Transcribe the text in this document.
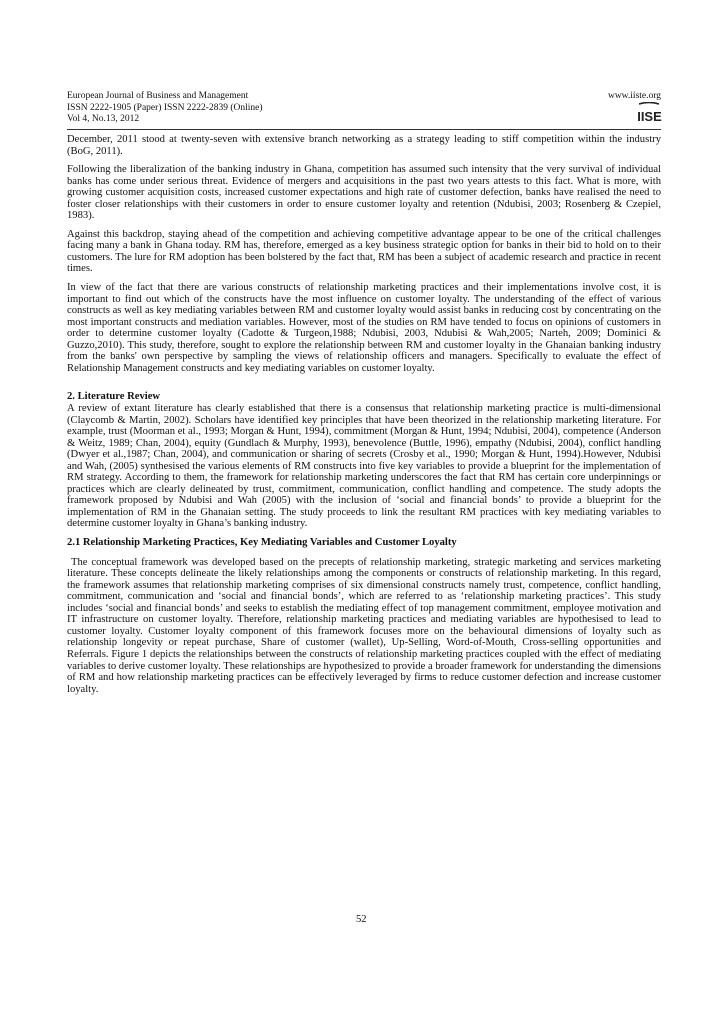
European Journal of Business and Management
ISSN 2222-1905 (Paper) ISSN 2222-2839 (Online)
Vol 4, No.13, 2012
www.iiste.org
IISE

December, 2011 stood at twenty-seven with extensive branch networking as a strategy leading to stiff competition within the industry (BoG, 2011).

Following the liberalization of the banking industry in Ghana, competition has assumed such intensity that the very survival of individual banks has come under serious threat. Evidence of mergers and acquisitions in the past two years attests to this fact. What is more, with growing customer acquisition costs, increased customer expectations and high rate of customer defection, banks have realised the need to foster closer relationships with their customers in order to ensure customer loyalty and retention (Ndubisi, 2003; Rosenberg & Czepiel, 1983).

Against this backdrop, staying ahead of the competition and achieving competitive advantage appear to be one of the critical challenges facing many a bank in Ghana today. RM has, therefore, emerged as a key business strategic option for banks in their bid to hold on to their customers. The lure for RM adoption has been bolstered by the fact that, RM has been a subject of academic research and practice in recent times.

In view of the fact that there are various constructs of relationship marketing practices and their implementations involve cost, it is important to find out which of the constructs have the most influence on customer loyalty. The understanding of the effect of various constructs as well as key mediating variables between RM and customer loyalty would assist banks in reducing cost by concentrating on the most important constructs and mediation variables. However, most of the studies on RM have tended to focus on opinions of customers in order to determine customer loyalty (Cadotte & Turgeon,1988; Ndubisi, 2003, Ndubisi & Wah,2005; Narteh, 2009; Dominici & Guzzo,2010). This study, therefore, sought to explore the relationship between RM and customer loyalty in the Ghanaian banking industry from the banks' own perspective by sampling the views of relationship officers and managers. Specifically to evaluate the effect of Relationship Management constructs and key mediating variables on customer loyalty.

2. Literature Review

A review of extant literature has clearly established that there is a consensus that relationship marketing practice is multi-dimensional (Claycomb & Martin, 2002). Scholars have identified key principles that have been theorized in the relationship marketing literature. For example, trust (Moorman et al., 1993; Morgan & Hunt, 1994), commitment (Morgan & Hunt, 1994; Ndubisi, 2004), competence (Anderson & Weitz, 1989; Chan, 2004), equity (Gundlach & Murphy, 1993), benevolence (Buttle, 1996), empathy (Ndubisi, 2004), conflict handling (Dwyer et al.,1987; Chan, 2004), and communication or sharing of secrets (Crosby et al., 1990; Morgan & Hunt, 1994).However, Ndubisi and Wah, (2005) synthesised the various elements of RM constructs into five key variables to provide a blueprint for the implementation of RM strategy. According to them, the framework for relationship marketing underscores the fact that RM has certain core underpinnings or practices which are clearly delineated by trust, commitment, communication, conflict handling and competence. The study adopts the framework proposed by Ndubisi and Wah (2005) with the inclusion of ‘social and financial bonds’ to provide a blueprint for the implementation of RM in the Ghanaian setting. The study proceeds to link the resultant RM practices with key mediating variables to determine customer loyalty in Ghana’s banking industry.

2.1 Relationship Marketing Practices, Key Mediating Variables and Customer Loyalty

The conceptual framework was developed based on the precepts of relationship marketing, strategic marketing and services marketing literature. These concepts delineate the likely relationships among the components or constructs of relationship marketing. In this regard, the framework assumes that relationship marketing comprises of six dimensional constructs namely trust, competence, conflict handling, commitment, communication and ‘social and financial bonds’, which are referred to as ‘relationship marketing practices’. This study includes ‘social and financial bonds’ and seeks to establish the mediating effect of top management commitment, employee motivation and IT infrastructure on customer loyalty. Therefore, relationship marketing practices and mediating variables are hypothesised to lead to customer loyalty. Customer loyalty component of this framework focuses more on the behavioural dimensions of loyalty such as relationship longevity or repeat purchase, Share of customer (wallet), Up-Selling, Word-of-Mouth, Cross-selling opportunities and Referrals. Figure 1 depicts the relationships between the constructs of relationship marketing practices coupled with the effect of mediating variables to derive customer loyalty. These relationships are hypothesized to provide a broader framework for understanding the dimensions of RM and how relationship marketing practices can be effectively leveraged by firms to reduce customer defection and increase customer loyalty.

52
